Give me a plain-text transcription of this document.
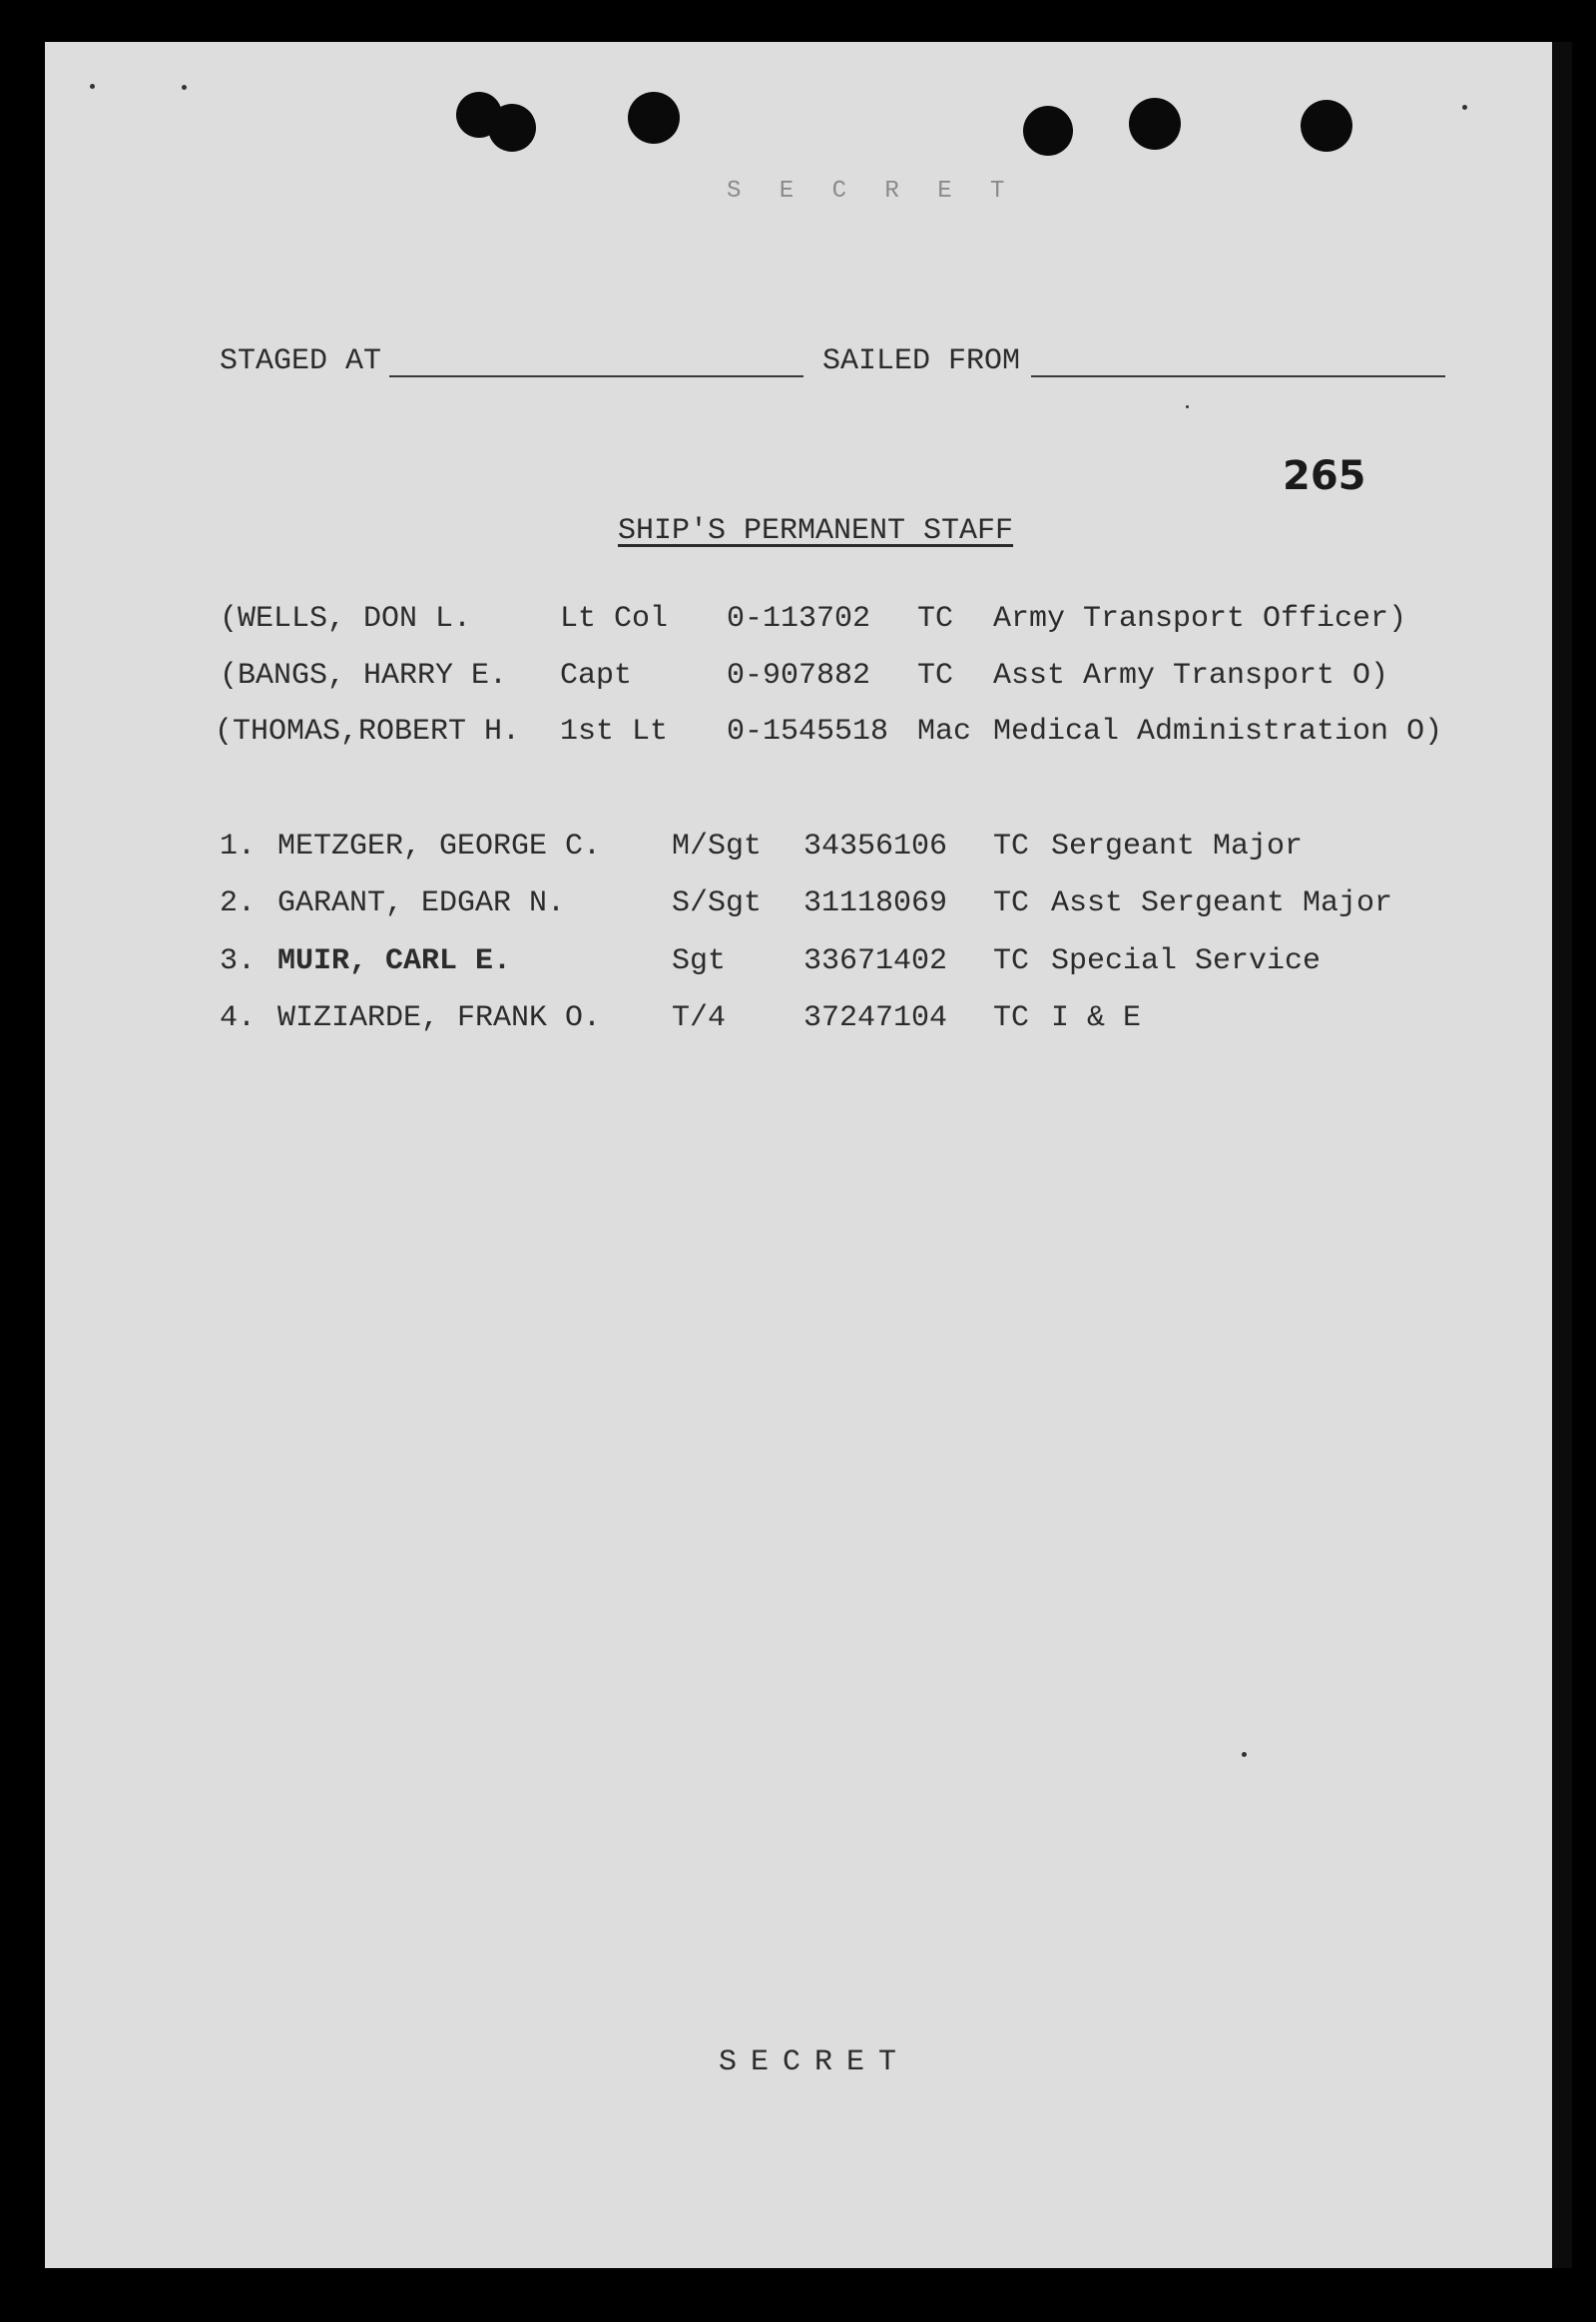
S E C R E T
STAGED AT	SAILED FROM
265
SHIP'S PERMANENT STAFF
(WELLS, DON L.	Lt Col 0-113702 TC Army Transport Officer)
(BANGS, HARRY E. Capt	0-907882 TC Asst Army Transport O)
(THOMAS,ROBERT H. 1st Lt 0-1545518 Mac Medical Administration O)
1. METZGER, GEORGE C. M/Sgt 34356106 TC Sergeant Major
2. GARANT, EDGAR N.	S/Sgt 31118069 TC Asst Sergeant Major
3. MUIR, CARL E.	Sgt	33671402 TC Special Service
4. WIZIARDE, FRANK O. T/4	37247104 TC I & E
SECRET
